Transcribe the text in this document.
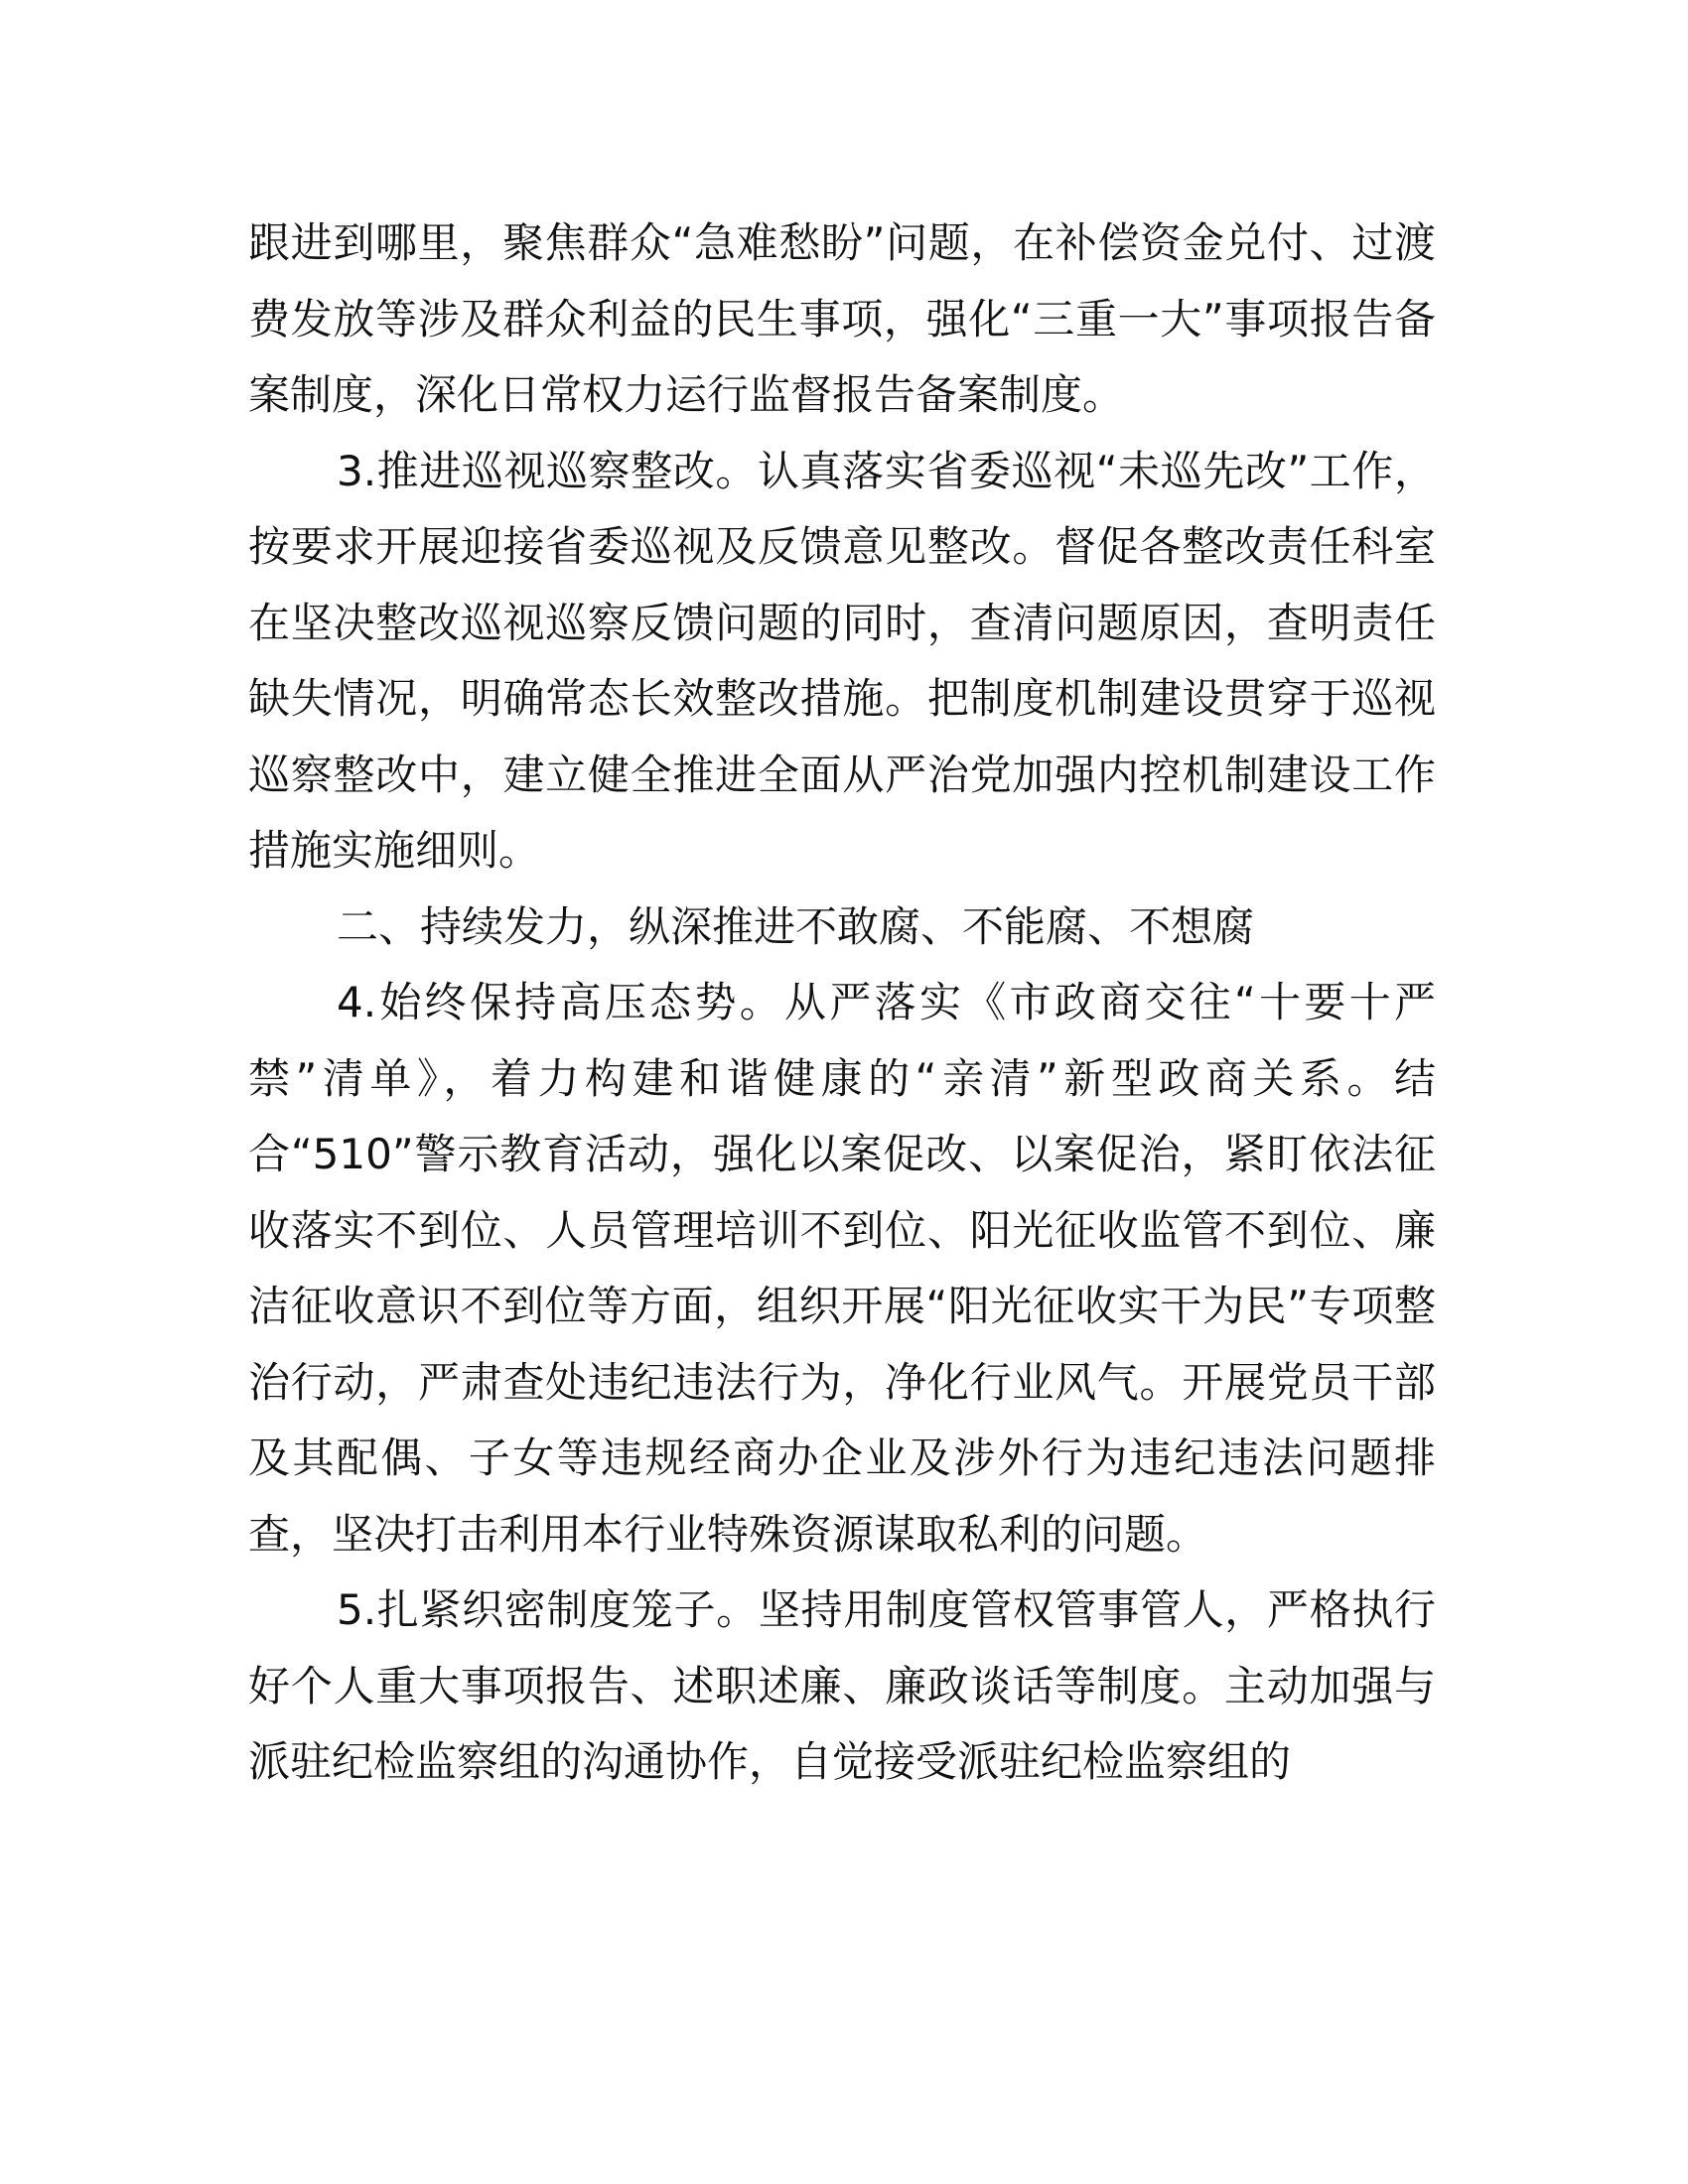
跟进到哪里，聚焦群众“急难愁盼”问题，在补偿资金兑付、过渡费发放等涉及群众利益的民生事项，强化“三重一大”事项报告备案制度，深化日常权力运行监督报告备案制度。

3.推进巡视巡察整改。认真落实省委巡视“未巡先改”工作，按要求开展迎接省委巡视及反馈意见整改。督促各整改责任科室在坚决整改巡视巡察反馈问题的同时，查清问题原因，查明责任缺失情况，明确常态长效整改措施。把制度机制建设贯穿于巡视巡察整改中，建立健全推进全面从严治党加强内控机制建设工作措施实施细则。

二、持续发力，纵深推进不敢腐、不能腐、不想腐

4.始终保持高压态势。从严落实《市政商交往“十要十严禁”清单》，着力构建和谐健康的“亲清”新型政商关系。结合“510”警示教育活动，强化以案促改、以案促治，紧盯依法征收落实不到位、人员管理培训不到位、阳光征收监管不到位、廉洁征收意识不到位等方面，组织开展“阳光征收实干为民”专项整治行动，严肃查处违纪违法行为，净化行业风气。开展党员干部及其配偶、子女等违规经商办企业及涉外行为违纪违法问题排查，坚决打击利用本行业特殊资源谋取私利的问题。

5.扎紧织密制度笼子。坚持用制度管权管事管人，严格执行好个人重大事项报告、述职述廉、廉政谈话等制度。主动加强与派驻纪检监察组的沟通协作，自觉接受派驻纪检监察组的
